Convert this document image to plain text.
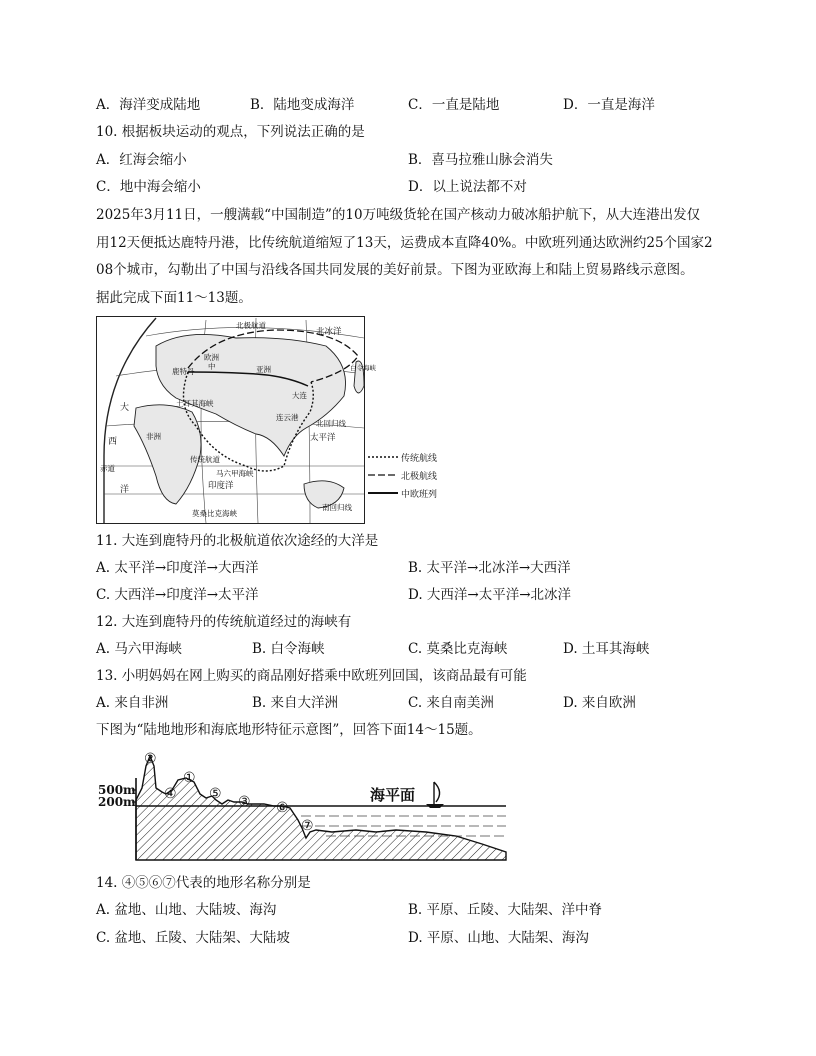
A．海洋变成陆地	B．陆地变成海洋	C．一直是陆地	D．一直是海洋
10. 根据板块运动的观点，下列说法正确的是
A．红海会缩小	B．喜马拉雅山脉会消失
C．地中海会缩小	D．以上说法都不对
2025年3月11日，一艘满载“中国制造”的10万吨级货轮在国产核动力破冰船护航下，从大连港出发仅
用12天便抵达鹿特丹港，比传统航道缩短了13天，运费成本直降40%。中欧班列通达欧洲约25个国家2
08个城市，勾勒出了中国与沿线各国共同发展的美好前景。下图为亚欧海上和陆上贸易路线示意图。
据此完成下面11～13题。
北极航道
北冰洋
欧洲
中	亚洲
鹿特丹
大连
连云港
土耳其海峡
白令海峡
非洲
西
大
洋
赤道
太平洋
印度洋
北回归线
南回归线
马六甲海峡
莫桑比克海峡
传统航道	传统航线
北极航线
中欧班列
11. 大连到鹿特丹的北极航道依次途经的大洋是
A. 太平洋→印度洋→大西洋	B. 太平洋→北冰洋→大西洋
C. 大西洋→印度洋→太平洋	D. 大西洋→太平洋→北冰洋
12. 大连到鹿特丹的传统航道经过的海峡有
A. 马六甲海峡	B. 白令海峡	C. 莫桑比克海峡	D. 土耳其海峡
13. 小明妈妈在网上购买的商品刚好搭乘中欧班列回国，该商品最有可能
A. 来自非洲	B. 来自大洋洲	C. 来自南美洲	D. 来自欧洲
下图为“陆地地形和海底地形特征示意图”，回答下面14～15题。
500m
200m	海平面
①
②
③
④ ⑤
⑥
⑦
14. ④⑤⑥⑦代表的地形名称分别是
A. 盆地、山地、大陆坡、海沟	B. 平原、丘陵、大陆架、洋中脊
C. 盆地、丘陵、大陆架、大陆坡	D. 平原、山地、大陆架、海沟
